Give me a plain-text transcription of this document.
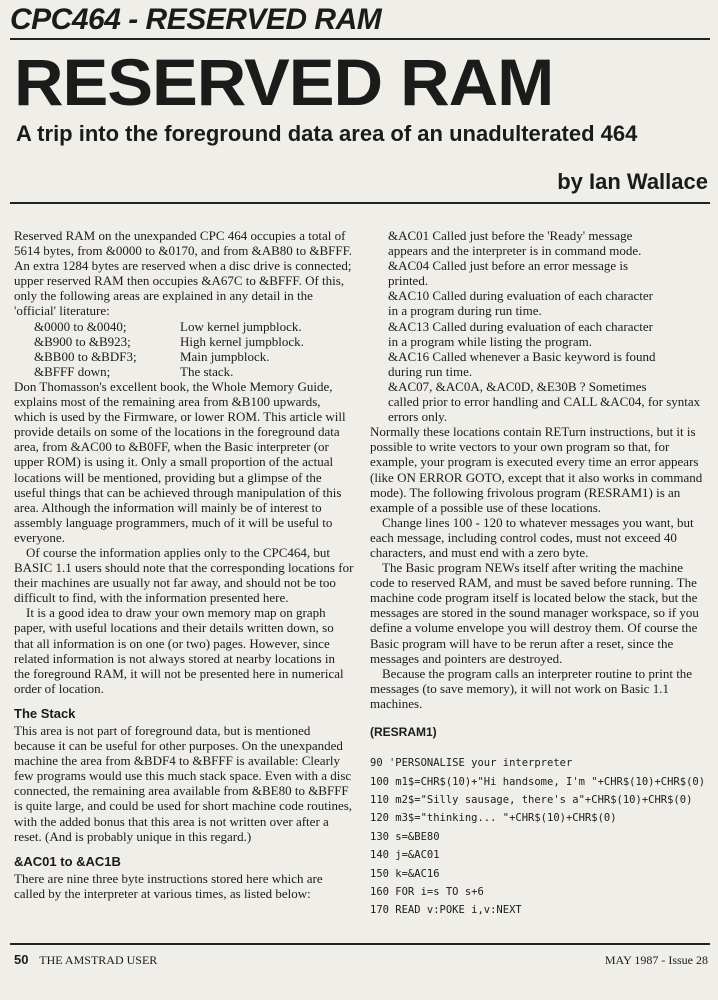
CPC464 - RESERVED RAM
RESERVED RAM
A trip into the foreground data area of an unadulterated 464
by Ian Wallace

Reserved RAM on the unexpanded CPC 464 occupies a total of 5614 bytes, from &0000 to &0170, and from &AB80 to &BFFF. An extra 1284 bytes are reserved when a disc drive is connected; upper reserved RAM then occupies &A67C to &BFFF. Of this, only the following areas are explained in any detail in the 'official' literature:

&0000 to &0040;	Low kernel jumpblock.
&B900 to &B923;	High kernel jumpblock.
&BB00 to &BDF3;	Main jumpblock.
&BFFF down;	The stack.

Don Thomasson's excellent book, the Whole Memory Guide, explains most of the remaining area from &B100 upwards, which is used by the Firmware, or lower ROM. This article will provide details on some of the locations in the foreground data area, from &AC00 to &B0FF, when the Basic interpreter (or upper ROM) is using it. Only a small proportion of the actual locations will be mentioned, providing but a glimpse of the useful things that can be achieved through manipulation of this area. Although the information will mainly be of interest to assembly language programmers, much of it will be useful to everyone.

Of course the information applies only to the CPC464, but BASIC 1.1 users should note that the corresponding locations for their machines are usually not far away, and should not be too difficult to find, with the information presented here.

It is a good idea to draw your own memory map on graph paper, with useful locations and their details written down, so that all information is on one (or two) pages. However, since related information is not always stored at nearby locations in the foreground RAM, it will not be presented here in numerical order of location.

The Stack

This area is not part of foreground data, but is mentioned because it can be useful for other purposes. On the unexpanded machine the area from &BDF4 to &BFFF is available: Clearly few programs would use this much stack space. Even with a disc connected, the remaining area available from &BE80 to &BFFF is quite large, and could be used for short machine code routines, with the added bonus that this area is not written over after a reset. (And is probably unique in this regard.)

&AC01 to &AC1B

There are nine three byte instructions stored here which are called by the interpreter at various times, as listed below:

&AC01 Called just before the 'Ready' message
appears and the interpreter is in command mode.
&AC04 Called just before an error message is
printed.
&AC10 Called during evaluation of each character
in a program during run time.
&AC13 Called during evaluation of each character
in a program while listing the program.
&AC16 Called whenever a Basic keyword is found
during run time.
&AC07, &AC0A, &AC0D, &E30B ? Sometimes
called prior to error handling and CALL &AC04, for syntax errors only.

Normally these locations contain RETurn instructions, but it is possible to write vectors to your own program so that, for example, your program is executed every time an error appears (like ON ERROR GOTO, except that it also works in command mode). The following frivolous program (RESRAM1) is an example of a possible use of these locations.

Change lines 100 - 120 to whatever messages you want, but each message, including control codes, must not exceed 40 characters, and must end with a zero byte.

The Basic program NEWs itself after writing the machine code to reserved RAM, and must be saved before running. The machine code program itself is located below the stack, but the messages are stored in the sound manager workspace, so if you define a volume envelope you will destroy them. Of course the Basic program will have to be rerun after a reset, since the messages and pointers are destroyed.

Because the program calls an interpreter routine to print the messages (to save memory), it will not work on Basic 1.1 machines.

(RESRAM1)
90 'PERSONALISE your interpreter
100 m1$=CHR$(10)+"Hi handsome, I'm "+CHR$(10)+CHR$(0)
110 m2$="Silly sausage, there's a"+CHR$(10)+CHR$(0)
120 m3$="thinking... "+CHR$(10)+CHR$(0)
130 s=&BE80
140 j=&AC01
150 k=&AC16
160 FOR i=s TO s+6
170 READ v:POKE i,v:NEXT
50 THE AMSTRAD USER	MAY 1987 - Issue 28
